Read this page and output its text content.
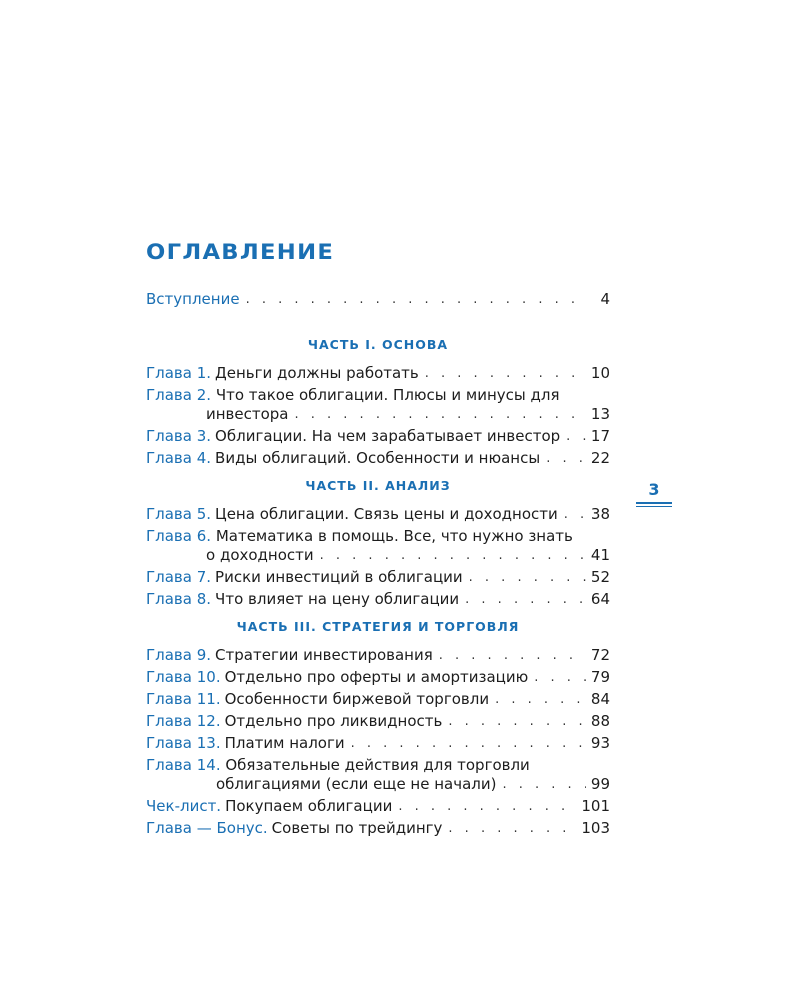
ОГЛАВЛЕНИЕ
Вступление . . .	4
ЧАСТЬ I. ОСНОВА
Глава 1. Деньги должны работать . . .	10
Глава 2. Что такое облигации. Плюсы и минусы для
инвестора . . .	13
Глава 3. Облигации. На чем зарабатывает инвестор . . . 17
Глава 4. Виды облигаций. Особенности и нюансы . . .	22
ЧАСТЬ II. АНАЛИЗ
Глава 5. Цена облигации. Связь цены и доходности . . . 38
Глава 6. Математика в помощь. Все, что нужно знать
о доходности . . .	41
Глава 7. Риски инвестиций в облигации . . .	52
Глава 8. Что влияет на цену облигации . . .	64
ЧАСТЬ III. СТРАТЕГИЯ И ТОРГОВЛЯ
Глава 9. Стратегии инвестирования . . .	72
Глава 10. Отдельно про оферты и амортизацию . . .	79
Глава 11. Особенности биржевой торговли . . .	84
Глава 12. Отдельно про ликвидность . . .	88
Глава 13. Платим налоги . . .	93
Глава 14. Обязательные действия для торговли
облигациями (если еще не начали) . . .	99
Чек-лист. Покупаем облигации . . .	101
Глава — Бонус. Советы по трейдингу . . .	103
3
